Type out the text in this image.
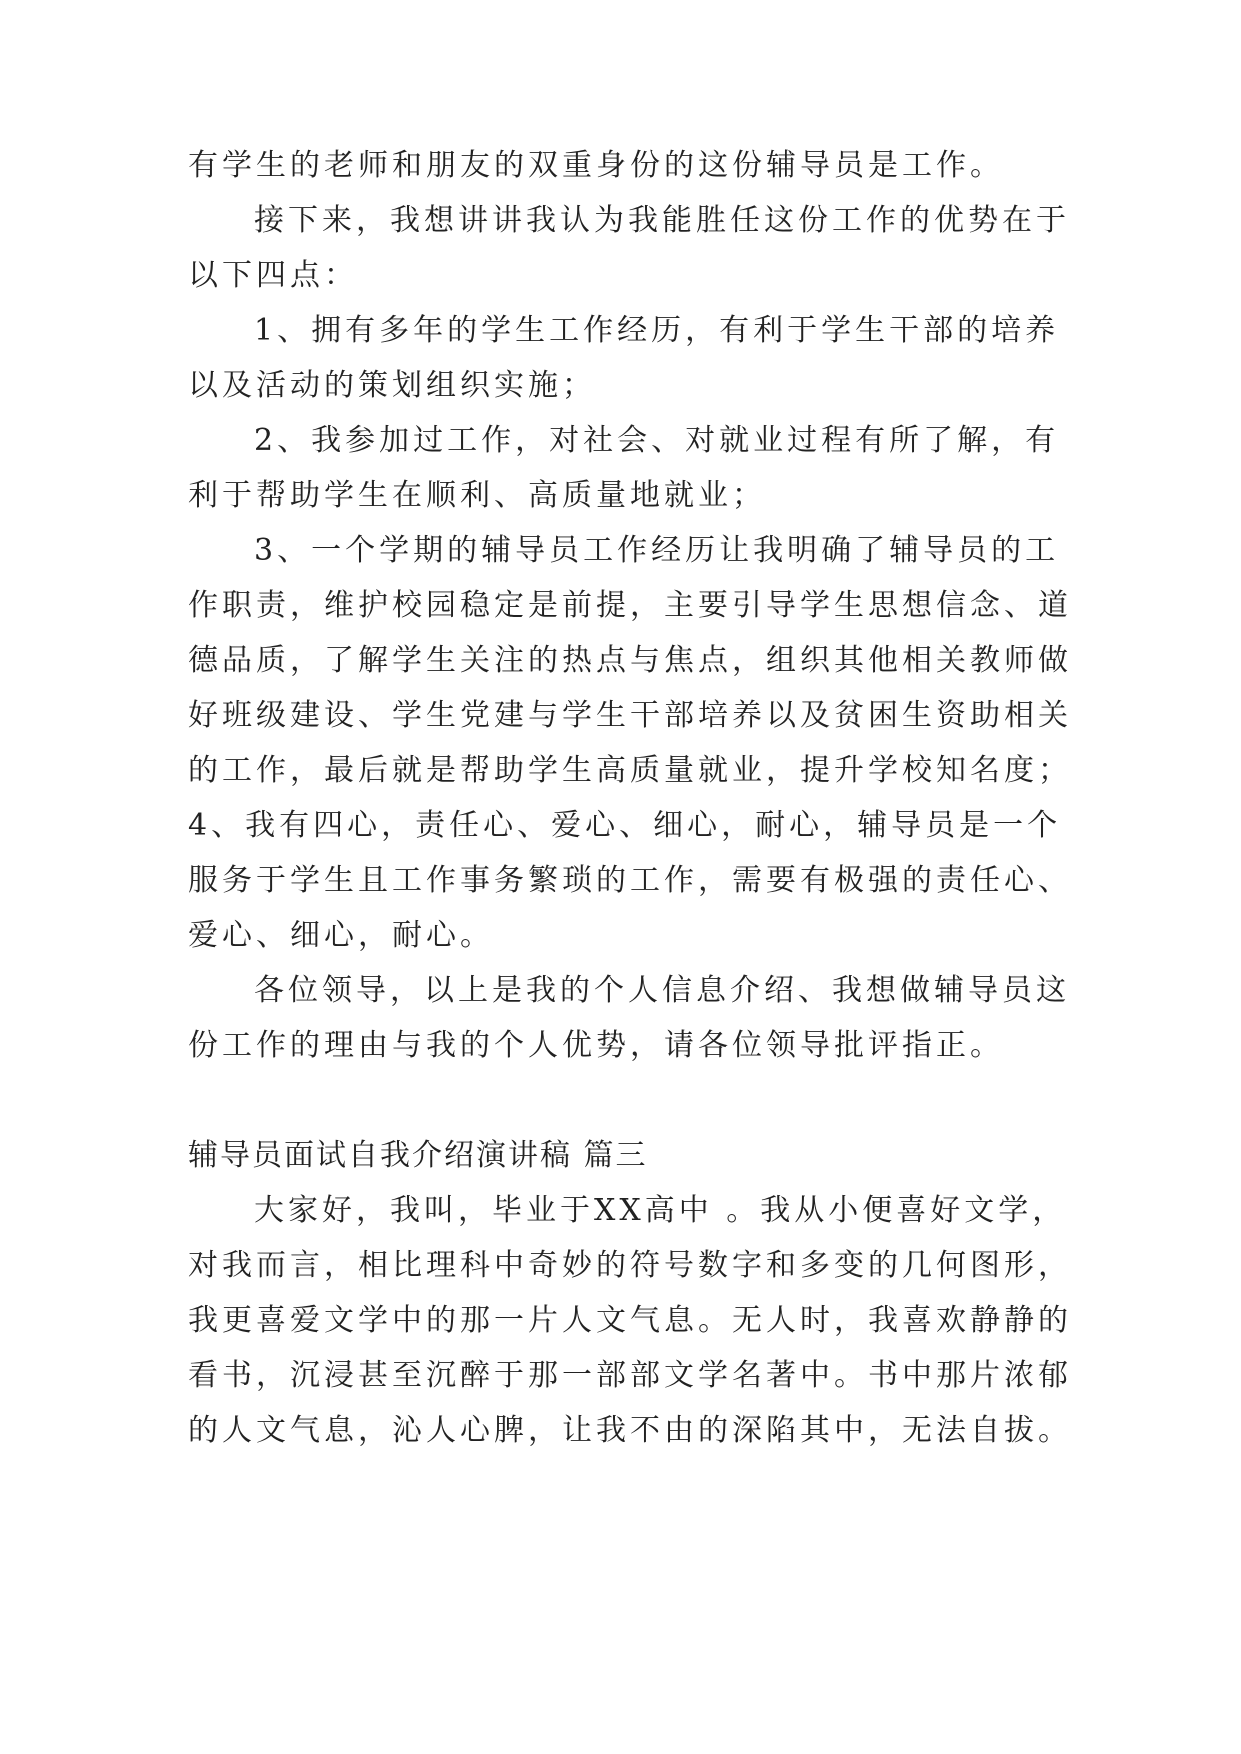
有学生的老师和朋友的双重身份的这份辅导员是工作。
接下来，我想讲讲我认为我能胜任这份工作的优势在于
以下四点：
1、拥有多年的学生工作经历，有利于学生干部的培养
以及活动的策划组织实施；
2、我参加过工作，对社会、对就业过程有所了解，有
利于帮助学生在顺利、高质量地就业；
3、一个学期的辅导员工作经历让我明确了辅导员的工
作职责，维护校园稳定是前提，主要引导学生思想信念、道
德品质，了解学生关注的热点与焦点，组织其他相关教师做
好班级建设、学生党建与学生干部培养以及贫困生资助相关
的工作，最后就是帮助学生高质量就业，提升学校知名度；
4、我有四心，责任心、爱心、细心，耐心，辅导员是一个
服务于学生且工作事务繁琐的工作，需要有极强的责任心、
爱心、细心，耐心。
各位领导，以上是我的个人信息介绍、我想做辅导员这
份工作的理由与我的个人优势，请各位领导批评指正。
辅导员面试自我介绍演讲稿 篇三
大家好，我叫，毕业于XX高中 。我从小便喜好文学，
对我而言，相比理科中奇妙的符号数字和多变的几何图形，
我更喜爱文学中的那一片人文气息。无人时，我喜欢静静的
看书，沉浸甚至沉醉于那一部部文学名著中。书中那片浓郁
的人文气息，沁人心脾，让我不由的深陷其中，无法自拔。
